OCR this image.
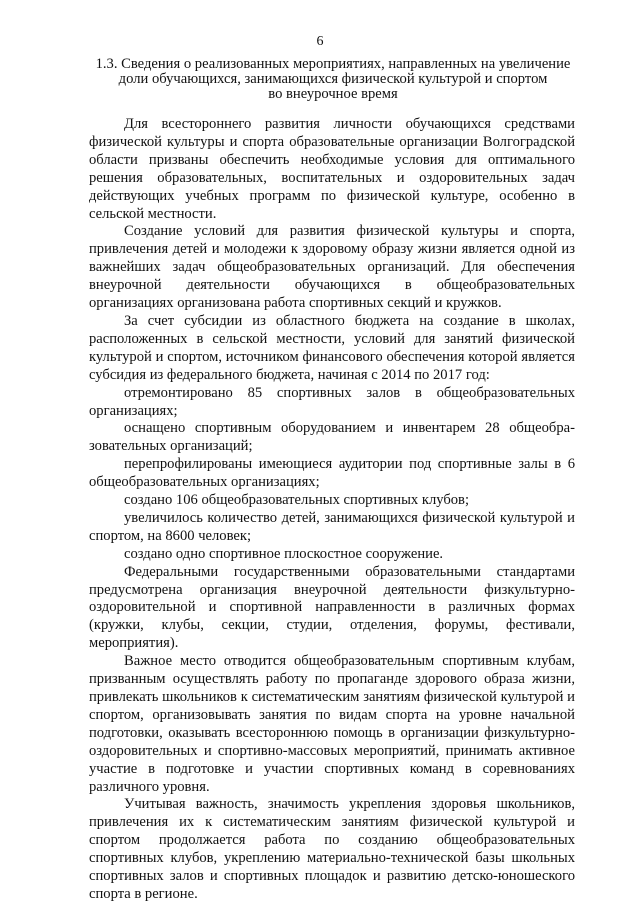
6
1.3. Сведения о реализованных мероприятиях, направленных на увеличение
доли обучающихся, занимающихся физической культурой и спортом
во внеурочное время

Для всестороннего развития личности обучающихся средствами физической культуры и спорта образовательные организации Волгоградской области призваны обеспечить необходимые условия для оптимального решения образовательных, воспитательных и оздоровительных задач действующих учебных программ по физической культуре, особенно в сельской местности.

Создание условий для развития физической культуры и спорта, привлечения детей и молодежи к здоровому образу жизни является одной из важнейших задач общеобразовательных организаций. Для обеспечения внеурочной деятельности обучающихся в общеобразовательных организациях организована работа спортивных секций и кружков.

За счет субсидии из областного бюджета на создание в школах, расположенных в сельской местности, условий для занятий физической культурой и спортом, источником финансового обеспечения которой является субсидия из федерального бюджета, начиная с 2014 по 2017 год:

отремонтировано 85 спортивных залов в общеобразовательных организациях;

оснащено спортивным оборудованием и инвентарем 28 общеобразовательных организаций;

перепрофилированы имеющиеся аудитории под спортивные залы в 6 общеобразовательных организациях;

создано 106 общеобразовательных спортивных клубов;

увеличилось количество детей, занимающихся физической культурой и спортом, на 8600 человек;

создано одно спортивное плоскостное сооружение.

Федеральными государственными образовательными стандартами предусмотрена организация внеурочной деятельности физкультурно-оздоровительной и спортивной направленности в различных формах (кружки, клубы, секции, студии, отделения, форумы, фестивали, мероприятия).

Важное место отводится общеобразовательным спортивным клубам, призванным осуществлять работу по пропаганде здорового образа жизни, привлекать школьников к систематическим занятиям физической культурой и спортом, организовывать занятия по видам спорта на уровне начальной подготовки, оказывать всестороннюю помощь в организации физкультурно-оздоровительных и спортивно-массовых мероприятий, принимать активное участие в подготовке и участии спортивных команд в соревнованиях различного уровня.

Учитывая важность, значимость укрепления здоровья школьников, привлечения их к систематическим занятиям физической культурой и спортом продолжается работа по созданию общеобразовательных спортивных клубов, укреплению материально-технической базы школьных спортивных залов и спортивных площадок и развитию детско-юношеского спорта в регионе.
